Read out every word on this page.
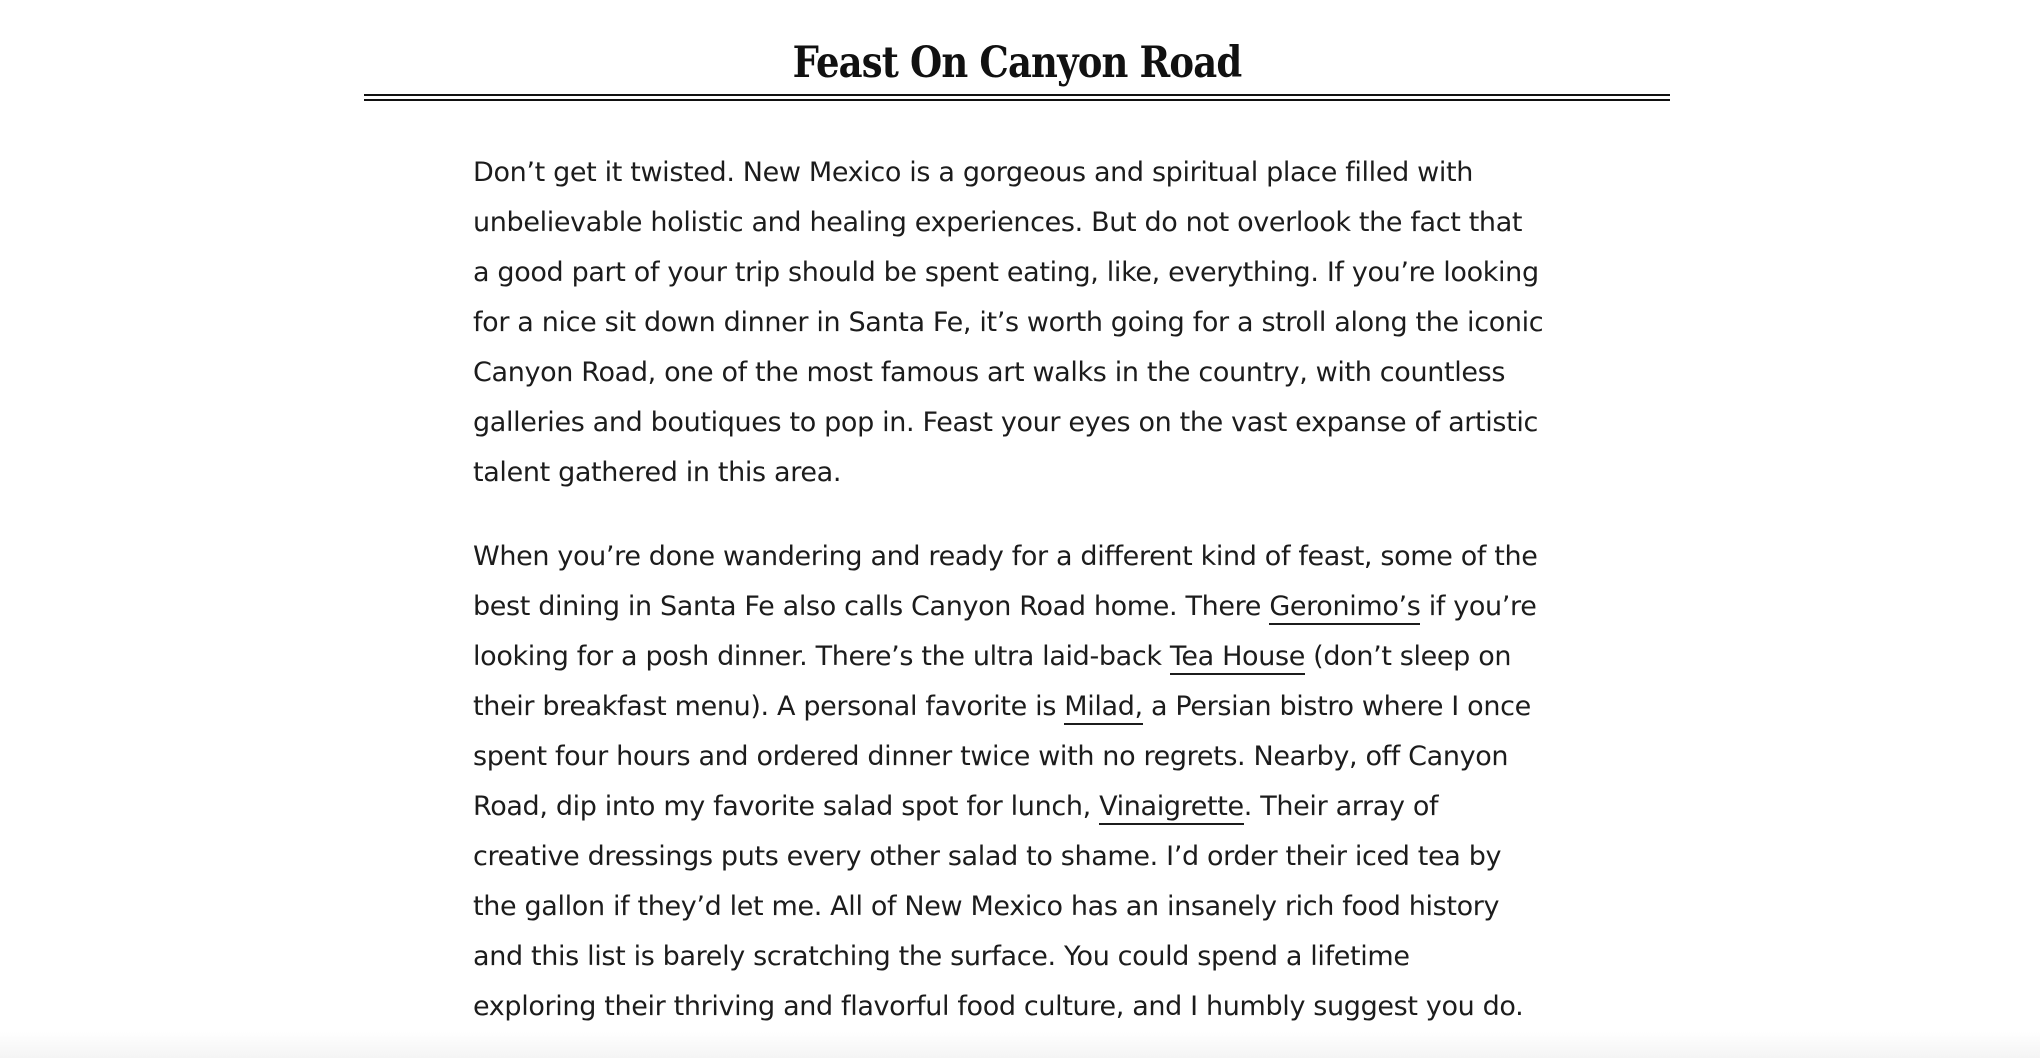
Feast On Canyon Road

Don’t get it twisted. New Mexico is a gorgeous and spiritual place filled with
unbelievable holistic and healing experiences. But do not overlook the fact that
a good part of your trip should be spent eating, like, everything. If you’re looking
for a nice sit down dinner in Santa Fe, it’s worth going for a stroll along the iconic
Canyon Road, one of the most famous art walks in the country, with countless
galleries and boutiques to pop in. Feast your eyes on the vast expanse of artistic
talent gathered in this area.

When you’re done wandering and ready for a different kind of feast, some of the
best dining in Santa Fe also calls Canyon Road home. There Geronimo’s if you’re
looking for a posh dinner. There’s the ultra laid-back Tea House (don’t sleep on
their breakfast menu). A personal favorite is Milad, a Persian bistro where I once
spent four hours and ordered dinner twice with no regrets. Nearby, off Canyon
Road, dip into my favorite salad spot for lunch, Vinaigrette. Their array of
creative dressings puts every other salad to shame. I’d order their iced tea by
the gallon if they’d let me. All of New Mexico has an insanely rich food history
and this list is barely scratching the surface. You could spend a lifetime
exploring their thriving and flavorful food culture, and I humbly suggest you do.
